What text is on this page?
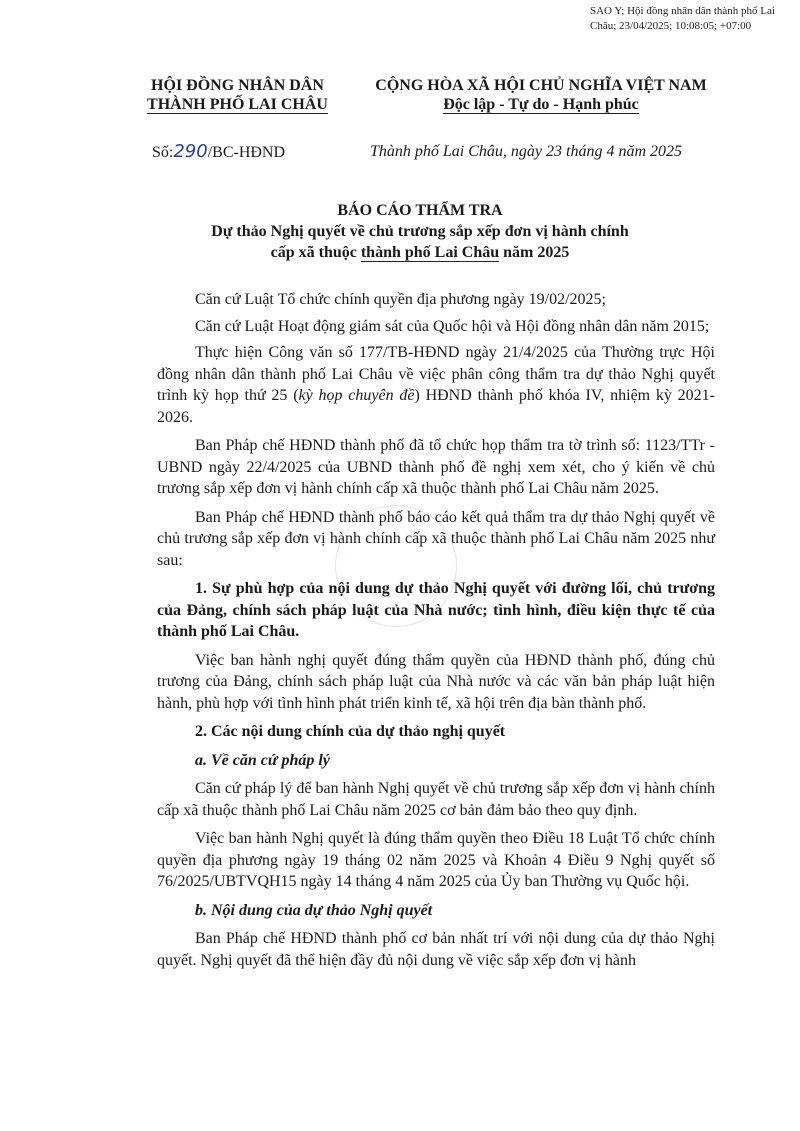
SAO Y; Hội đồng nhân dân thành phố Lai Châu; 23/04/2025; 10:08:05; +07:00
HỘI ĐỒNG NHÂN DÂN
THÀNH PHỐ LAI CHÂU
CỘNG HÒA XÃ HỘI CHỦ NGHĨA VIỆT NAM
Độc lập - Tự do - Hạnh phúc
Số:290/BC-HĐND	Thành phố Lai Châu, ngày 23 tháng 4 năm 2025
BÁO CÁO THẨM TRA
Dự thảo Nghị quyết về chủ trương sắp xếp đơn vị hành chính
cấp xã thuộc thành phố Lai Châu năm 2025

Căn cứ Luật Tổ chức chính quyền địa phương ngày 19/02/2025;

Căn cứ Luật Hoạt động giám sát của Quốc hội và Hội đồng nhân dân năm 2015;

Thực hiện Công văn số 177/TB-HĐND ngày 21/4/2025 của Thường trực Hội đồng nhân dân thành phố Lai Châu về việc phân công thẩm tra dự thảo Nghị quyết trình kỳ họp thứ 25 (kỳ họp chuyên đề) HĐND thành phố khóa IV, nhiệm kỳ 2021-2026.

Ban Pháp chế HĐND thành phố đã tổ chức họp thẩm tra tờ trình số: 1123/TTr - UBND ngày 22/4/2025 của UBND thành phố đề nghị xem xét, cho ý kiến về chủ trương sắp xếp đơn vị hành chính cấp xã thuộc thành phố Lai Châu năm 2025.

Ban Pháp chế HĐND thành phố báo cáo kết quả thẩm tra dự thảo Nghị quyết về chủ trương sắp xếp đơn vị hành chính cấp xã thuộc thành phố Lai Châu năm 2025 như sau:

1. Sự phù hợp của nội dung dự thảo Nghị quyết với đường lối, chủ trương của Đảng, chính sách pháp luật của Nhà nước; tình hình, điều kiện thực tế của thành phố Lai Châu.

Việc ban hành nghị quyết đúng thẩm quyền của HĐND thành phố, đúng chủ trương của Đảng, chính sách pháp luật của Nhà nước và các văn bản pháp luật hiện hành, phù hợp với tình hình phát triển kinh tế, xã hội trên địa bàn thành phố.

2. Các nội dung chính của dự thảo nghị quyết

a. Về căn cứ pháp lý

Căn cứ pháp lý để ban hành Nghị quyết về chủ trương sắp xếp đơn vị hành chính cấp xã thuộc thành phố Lai Châu năm 2025 cơ bản đảm bảo theo quy định.

Việc ban hành Nghị quyết là đúng thẩm quyền theo Điều 18 Luật Tổ chức chính quyền địa phương ngày 19 tháng 02 năm 2025 và Khoản 4 Điều 9 Nghị quyết số 76/2025/UBTVQH15 ngày 14 tháng 4 năm 2025 của Ủy ban Thường vụ Quốc hội.

b. Nội dung của dự thảo Nghị quyết

Ban Pháp chế HĐND thành phố cơ bản nhất trí với nội dung của dự thảo Nghị quyết. Nghị quyết đã thể hiện đầy đủ nội dung về việc sắp xếp đơn vị hành
